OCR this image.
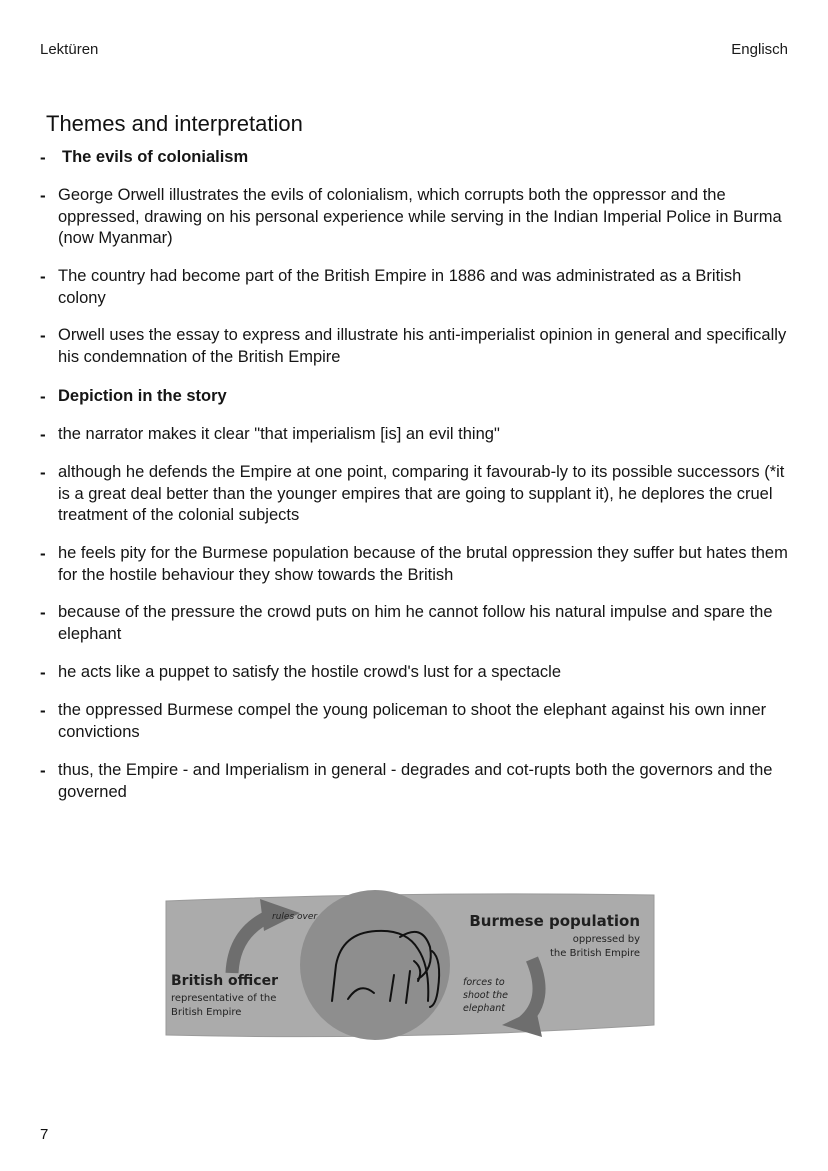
Lektüren	Englisch
Themes and interpretation
- The evils of colonialism
- George Orwell illustrates the evils of colonialism, which corrupts both the oppressor and the oppressed, drawing on his personal experience while serving in the Indian Imperial Police in Burma (now Myanmar)
- The country had become part of the British Empire in 1886 and was administrated as a British colony
- Orwell uses the essay to express and illustrate his anti-imperialist opinion in general and specifically his condemnation of the British Empire
- Depiction in the story
- the narrator makes it clear "that imperialism [is] an evil thing"
- although he defends the Empire at one point, comparing it favourab-ly to its possible successors (*it is a great deal better than the younger empires that are going to supplant it), he deplores the cruel treatment of the colonial subjects
- he feels pity for the Burmese population because of the brutal oppression they suffer but hates them for the hostile behaviour they show towards the British
- because of the pressure the crowd puts on him he cannot follow his natural impulse and spare the elephant
- he acts like a puppet to satisfy the hostile crowd's lust for a spectacle
- the oppressed Burmese compel the young policeman to shoot the elephant against his own inner convictions
- thus, the Empire - and Imperialism in general - degrades and cot-rupts both the governors and the governed
rules over	Burmese population
oppressed by
the British Empire
British officer
representative of the
British Empire
forces to
shoot the
elephant
7
